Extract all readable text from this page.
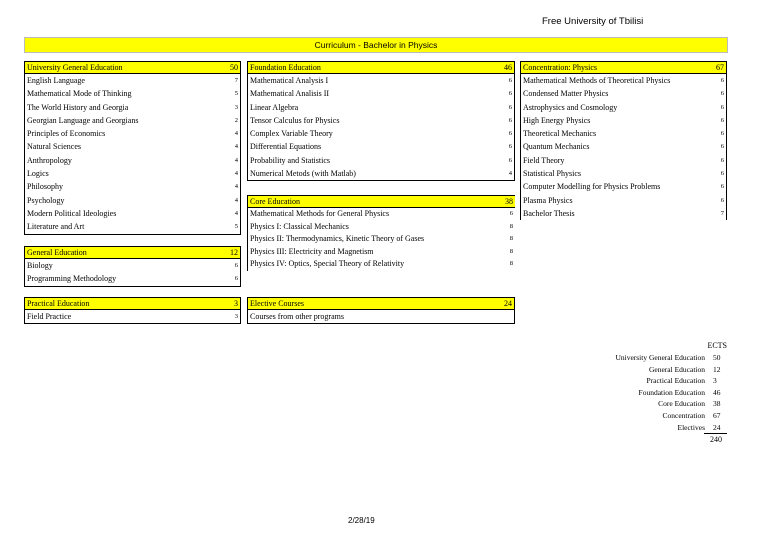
Free University of Tbilisi
Curriculum - Bachelor in Physics
University General Education	50
English Language	7
Mathematical Mode of Thinking	5
The World History and Georgia	3
Georgian Language and Georgians	2
Principles of Economics	4
Natural Sciences	4
Anthropology	4
Logics	4
Philosophy	4
Psychology	4
Modern Political Ideologies	4
Literature and Art	5
General Education	12
Biology	6
Programming Methodology	6
Practical Education	3
Field Practice	3
Foundation Education	46
Mathematical Analysis I	6
Mathematical Analisis II	6
Linear Algebra	6
Tensor Calculus for Physics	6
Complex Variable Theory	6
Differential Equations	6
Probability and Statistics	6
Numerical Metods (with Matlab)	4
Core Education	38
Mathematical Methods for General Physics	6
Physics I: Classical Mechanics	8
Physics II: Thermodynamics, Kinetic Theory of Gases	8
Physics III: Electricity and Magnetism	8
Physics IV: Optics, Special Theory of Relativity	8
Elective Courses	24
Courses from other programs
Concentration: Physics	67
Mathematical Methods of Theoretical Physics	6
Condensed Matter Physics	6
Astrophysics and Cosmology	6
High Energy Physics	6
Theoretical Mechanics	6
Quantum Mechanics	6
Field Theory	6
Statistical Physics	6
Computer Modelling for Physics Problems	6
Plasma Physics	6
Bachelor Thesis	7
ECTS
University General Education	50
General Education	12
Practical Education	3
Foundation Education	46
Core Education	38
Concentration	67
Electives	24
240
2/28/19
